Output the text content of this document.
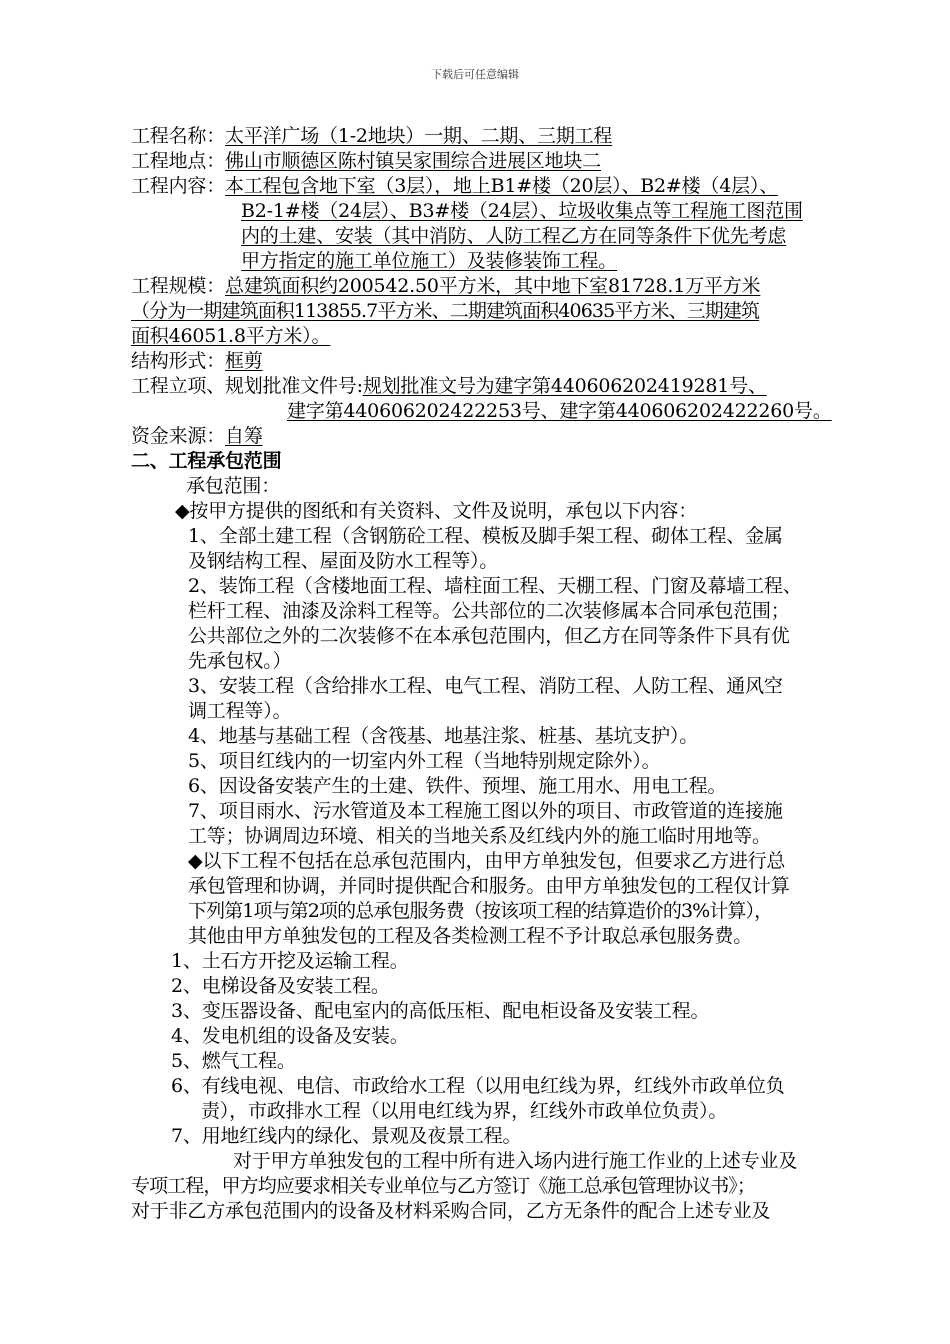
下载后可任意编辑
工程名称：太平洋广场（1-2地块）一期、二期、三期工程
工程地点：佛山市顺德区陈村镇吴家围综合进展区地块二
工程内容：本工程包含地下室（3层），地上B1#楼（20层）、B2#楼（4层）、
B2-1#楼（24层）、B3#楼（24层）、垃圾收集点等工程施工图范围
内的土建、安装（其中消防、人防工程乙方在同等条件下优先考虑
甲方指定的施工单位施工）及装修装饰工程。
工程规模：总建筑面积约200542.50平方米，其中地下室81728.1万平方米
（分为一期建筑面积113855.7平方米、二期建筑面积40635平方米、三期建筑
面积46051.8平方米）。
结构形式：框剪
工程立项、规划批准文件号:规划批准文号为建字第440606202419281号、
建字第440606202422253号、建字第440606202422260号。
资金来源：自筹
二、工程承包范围
承包范围：
◆按甲方提供的图纸和有关资料、文件及说明，承包以下内容：
1、全部土建工程（含钢筋砼工程、模板及脚手架工程、砌体工程、金属
及钢结构工程、屋面及防水工程等）。
2、装饰工程（含楼地面工程、墙柱面工程、天棚工程、门窗及幕墙工程、
栏杆工程、油漆及涂料工程等。公共部位的二次装修属本合同承包范围；
公共部位之外的二次装修不在本承包范围内，但乙方在同等条件下具有优
先承包权。）
3、安装工程（含给排水工程、电气工程、消防工程、人防工程、通风空
调工程等）。
4、地基与基础工程（含筏基、地基注浆、桩基、基坑支护）。
5、项目红线内的一切室内外工程（当地特别规定除外）。
6、因设备安装产生的土建、铁件、预埋、施工用水、用电工程。
7、项目雨水、污水管道及本工程施工图以外的项目、市政管道的连接施
工等；协调周边环境、相关的当地关系及红线内外的施工临时用地等。
◆以下工程不包括在总承包范围内，由甲方单独发包，但要求乙方进行总
承包管理和协调，并同时提供配合和服务。由甲方单独发包的工程仅计算
下列第1项与第2项的总承包服务费（按该项工程的结算造价的3%计算），
其他由甲方单独发包的工程及各类检测工程不予计取总承包服务费。
1、土石方开挖及运输工程。
2、电梯设备及安装工程。
3、变压器设备、配电室内的高低压柜、配电柜设备及安装工程。
4、发电机组的设备及安装。
5、燃气工程。
6、有线电视、电信、市政给水工程（以用电红线为界，红线外市政单位负
责），市政排水工程（以用电红线为界，红线外市政单位负责）。
7、用地红线内的绿化、景观及夜景工程。
对于甲方单独发包的工程中所有进入场内进行施工作业的上述专业及
专项工程，甲方均应要求相关专业单位与乙方签订《施工总承包管理协议书》；
对于非乙方承包范围内的设备及材料采购合同，乙方无条件的配合上述专业及
